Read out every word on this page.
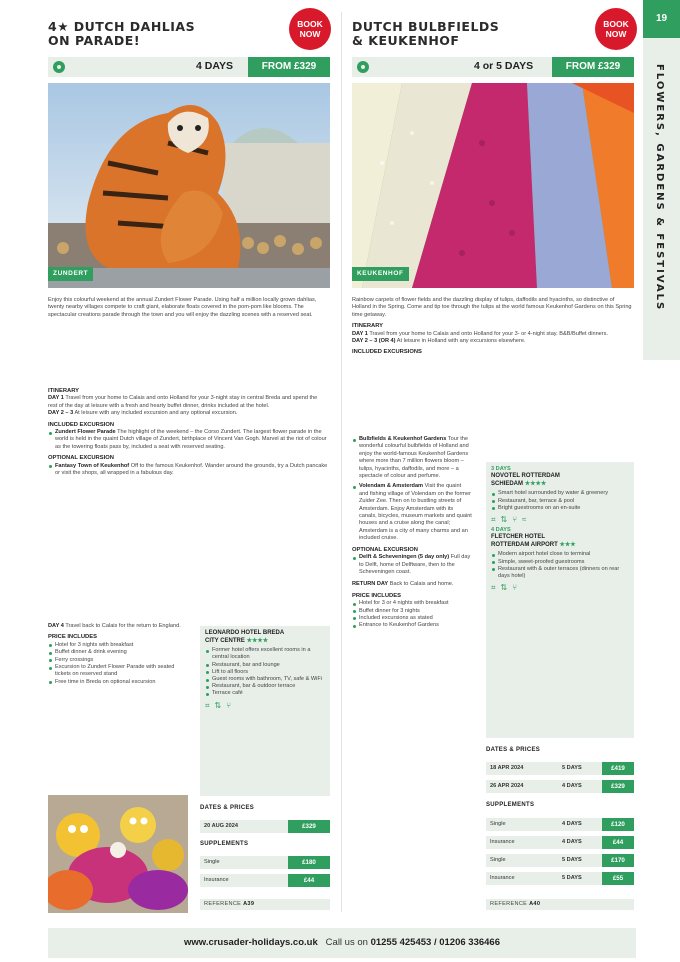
4★ DUTCH DAHLIAS
ON PARADE!
BOOK
NOW
4 DAYS	FROM £329
ZUNDERT
Enjoy this colourful weekend at the annual Zundert Flower Parade. Using half a million locally grown dahlias, twenty nearby villages compete to craft giant, elaborate floats covered in the pom-pom like blooms. The spectacular creations parade through the town and you will enjoy the dazzling scenes with a reserved seat.
ITINERARY
DAY 1 Travel from your home to Calais and onto Holland for your 3-night stay in central Breda and spend the rest of the day at leisure with a fresh and hearty buffet dinner, drinks included at the hotel.
DAY 2 – 3 At leisure with any included excursion and any optional excursion.
INCLUDED EXCURSION
Zundert Flower Parade The highlight of the weekend – the Corso Zundert. The largest flower parade in the world is held in the quaint Dutch village of Zundert, birthplace of Vincent Van Gogh. Marvel at the riot of colour as the towering floats pass by, included a seat with reserved seating.
OPTIONAL EXCURSION
Fantasy Town of Keukenhof Off to the famous Keukenhof. Wander around the grounds, try a Dutch pancake or visit the shops, all wrapped in a fabulous day.
DAY 4 Travel back to Calais for the return to England.
PRICE INCLUDES
Hotel for 3 nights with breakfast
Buffet dinner & drink evening
Ferry crossings
Excursion to Zundert Flower Parade with seated tickets on reserved stand
Free time in Breda on optional excursion
LEONARDO HOTEL BREDA
CITY CENTRE ★★★★
Former hotel offers excellent rooms in a central location
Restaurant, bar and lounge
Lift to all floors
Guest rooms with bathroom, TV, safe & WiFi
Restaurant, bar & outdoor terrace
Terrace café
⌗ ⇅ ⑂
DATES & PRICES
20 AUG 2024	£329
SUPPLEMENTS
Single	£180
Insurance	£44
REFERENCE A39
DUTCH BULBFIELDS
& KEUKENHOF
BOOK
NOW
4 or 5 DAYS	FROM £329
KEUKENHOF
Rainbow carpets of flower fields and the dazzling display of tulips, daffodils and hyacinths, so distinctive of Holland in the Spring. Come and tip toe through the tulips at the world famous Keukenhof Gardens on this Spring time getaway.
ITINERARY
DAY 1 Travel from your home to Calais and onto Holland for your 3- or 4-night stay. B&B/Buffet dinners.
DAY 2 – 3 (OR 4) At leisure in Holland with any excursions elsewhere.
INCLUDED EXCURSIONS
Bulbfields & Keukenhof Gardens Tour the wonderful colourful bulbfields of Holland and enjoy the world-famous Keukenhof Gardens where more than 7 million flowers bloom – tulips, hyacinths, daffodils, and more – a spectacle of colour and perfume.
Volendam & Amsterdam Visit the quaint and fishing village of Volendam on the former Zuider Zee. Then on to bustling streets of Amsterdam. Enjoy Amsterdam with its canals, bicycles, museum markets and quaint houses and a cruise along the canal; Amsterdam is a city of many charms and an included cruise.
OPTIONAL EXCURSION
Delft & Scheveningen (5 day only) Full day to Delft, home of Delftware, then to the Scheveningen coast.
RETURN DAY Back to Calais and home.
PRICE INCLUDES
Hotel for 3 or 4 nights with breakfast
Buffet dinner for 3 nights
Included excursions as stated
Entrance to Keukenhof Gardens
3 DAYS
NOVOTEL ROTTERDAM
SCHIEDAM ★★★★
Smart hotel surrounded by water & greenery
Restaurant, bar, terrace & pool
Bright guestrooms on an en-suite
⌗ ⇅ ⑂ ≈
4 DAYS
FLETCHER HOTEL
ROTTERDAM AIRPORT ★★★
Modern airport hotel close to terminal
Simple, sweet-proofed guestrooms
Restaurant with & outer terraces (dinners on rear days hotel)
⌗ ⇅ ⑂
DATES & PRICES
18 APR 2024	5 DAYS	£419
26 APR 2024	4 DAYS	£329
SUPPLEMENTS
Single	4 DAYS	£120
Insurance	4 DAYS	£44
Single	5 DAYS	£170
Insurance	5 DAYS	£55
REFERENCE A40
19
FLOWERS, GARDENS & FESTIVALS
www.crusader-holidays.co.uk Call us on 01255 425453 / 01206 336466
